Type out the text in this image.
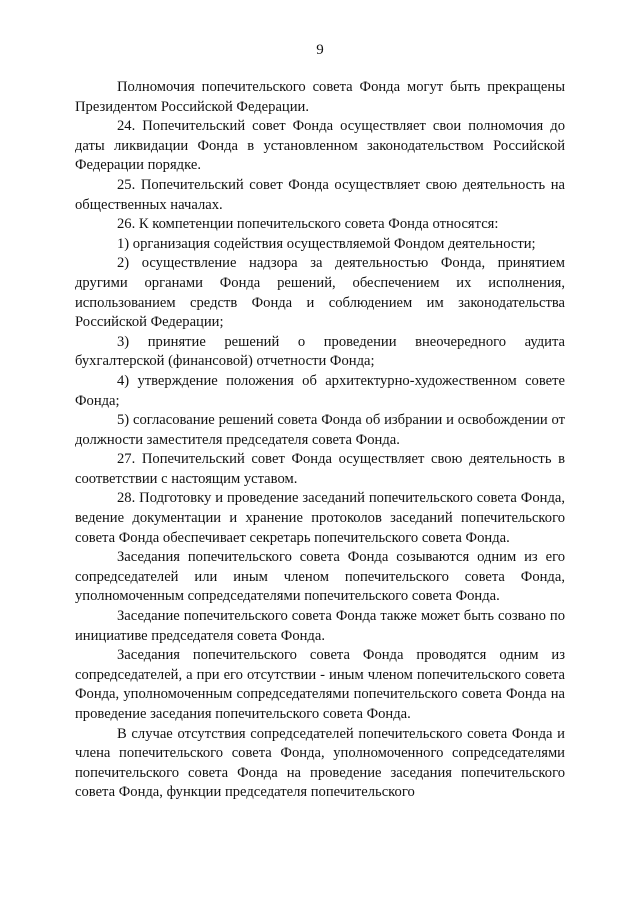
9

Полномочия попечительского совета Фонда могут быть прекращены Президентом Российской Федерации.

24. Попечительский совет Фонда осуществляет свои полномочия до даты ликвидации Фонда в установленном законодательством Российской Федерации порядке.

25. Попечительский совет Фонда осуществляет свою деятельность на общественных началах.

26. К компетенции попечительского совета Фонда относятся:

1) организация содействия осуществляемой Фондом деятельности;

2) осуществление надзора за деятельностью Фонда, принятием другими органами Фонда решений, обеспечением их исполнения, использованием средств Фонда и соблюдением им законодательства Российской Федерации;

3) принятие решений о проведении внеочередного аудита бухгалтерской (финансовой) отчетности Фонда;

4) утверждение положения об архитектурно-художественном совете Фонда;

5) согласование решений совета Фонда об избрании и освобождении от должности заместителя председателя совета Фонда.

27. Попечительский совет Фонда осуществляет свою деятельность в соответствии с настоящим уставом.

28. Подготовку и проведение заседаний попечительского совета Фонда, ведение документации и хранение протоколов заседаний попечительского совета Фонда обеспечивает секретарь попечительского совета Фонда.

Заседания попечительского совета Фонда созываются одним из его сопредседателей или иным членом попечительского совета Фонда, уполномоченным сопредседателями попечительского совета Фонда.

Заседание попечительского совета Фонда также может быть созвано по инициативе председателя совета Фонда.

Заседания попечительского совета Фонда проводятся одним из сопредседателей, а при его отсутствии - иным членом попечительского совета Фонда, уполномоченным сопредседателями попечительского совета Фонда на проведение заседания попечительского совета Фонда.

В случае отсутствия сопредседателей попечительского совета Фонда и члена попечительского совета Фонда, уполномоченного сопредседателями попечительского совета Фонда на проведение заседания попечительского совета Фонда, функции председателя попечительского
